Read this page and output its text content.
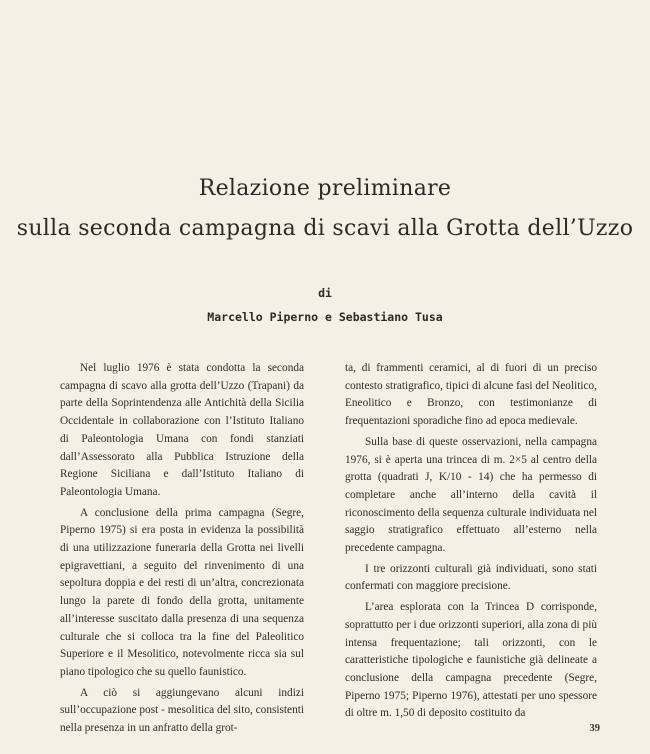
Relazione preliminare
sulla seconda campagna di scavi alla Grotta dell’Uzzo

di

Marcello Piperno e Sebastiano Tusa

Nel luglio 1976 è stata condotta la seconda campagna di scavo alla grotta dell’Uzzo (Trapani) da parte della Soprintendenza alle Antichità della Sicilia Occidentale in collaborazione con l’Istituto Italiano di Paleontologia Umana con fondi stanziati dall’Assessorato alla Pubblica Istruzione della Regione Siciliana e dall’Istituto Italiano di Paleontologia Umana.

A conclusione della prima campagna (Segre, Piperno 1975) si era posta in evidenza la possibilità di una utilizzazione funeraria della Grotta nei livelli epigravettiani, a seguito del rinvenimento di una sepoltura doppia e dei resti di un’altra, concrezionata lungo la parete di fondo della grotta, unitamente all’interesse suscitato dalla presenza di una sequenza culturale che si colloca tra la fine del Paleolitico Superiore e il Mesolitico, notevolmente ricca sia sul piano tipologico che su quello faunistico.

A ciò si aggiungevano alcuni indizi sull’occupazione post - mesolitica del sito, consistenti nella presenza in un anfratto della grot-

ta, di frammenti ceramici, al di fuori di un preciso contesto stratigrafico, tipici di alcune fasi del Neolitico, Eneolitico e Bronzo, con testimonianze di frequentazioni sporadiche fino ad epoca medievale.

Sulla base di queste osservazioni, nella campagna 1976, si è aperta una trincea di m. 2×5 al centro della grotta (quadrati J, K/10 - 14) che ha permesso di completare anche all’interno della cavità il riconoscimento della sequenza culturale individuata nel saggio stratigrafico effettuato all’esterno nella precedente campagna.

I tre orizzonti culturali già individuati, sono stati confermati con maggiore precisione.

L’area esplorata con la Trincea D corrisponde, soprattutto per i due orizzonti superiori, alla zona di più intensa frequentazione; tali orizzonti, con le caratteristiche tipologiche e faunistiche già delineate a conclusione della campagna precedente (Segre, Piperno 1975; Piperno 1976), attestati per uno spessore di oltre m. 1,50 di deposito costituito da

39
